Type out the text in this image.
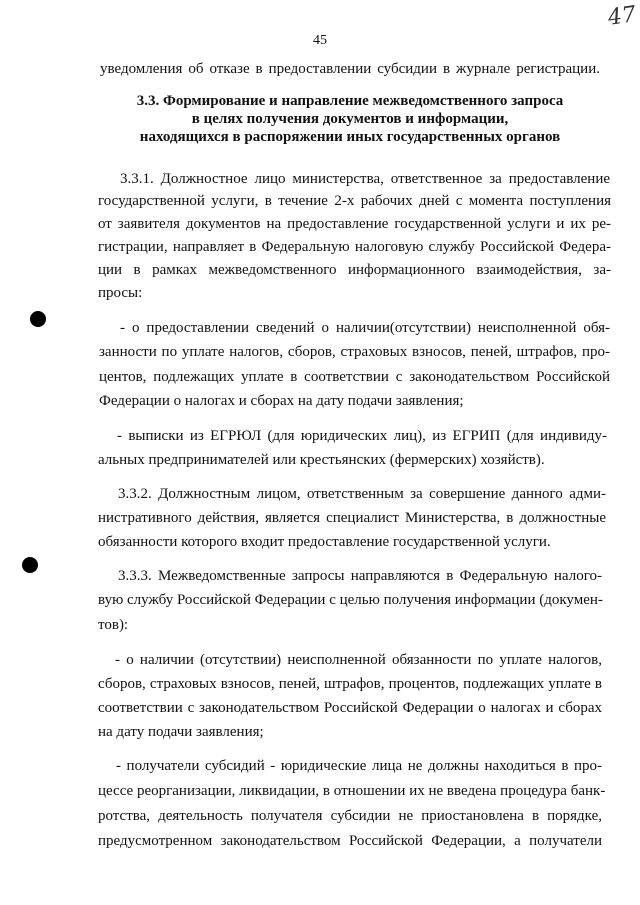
45
47
уведомления об отказе в предоставлении субсидии в журнале регистрации.
3.3. Формирование и направление межведомственного запроса
в целях получения документов и информации,
находящихся в распоряжении иных государственных органов
3.3.1. Должностное лицо министерства, ответственное за предоставление
государственной услуги, в течение 2-х рабочих дней с момента поступления
от заявителя документов на предоставление государственной услуги и их ре-
гистрации, направляет в Федеральную налоговую службу Российской Федера-
ции в рамках межведомственного информационного взаимодействия, за-
просы:
- о предоставлении сведений о наличии(отсутствии) неисполненной обя-
занности по уплате налогов, сборов, страховых взносов, пеней, штрафов, про-
центов, подлежащих уплате в соответствии с законодательством Российской
Федерации о налогах и сборах на дату подачи заявления;
- выписки из ЕГРЮЛ (для юридических лиц), из ЕГРИП (для индивиду-
альных предпринимателей или крестьянских (фермерских) хозяйств).
3.3.2. Должностным лицом, ответственным за совершение данного адми-
нистративного действия, является специалист Министерства, в должностные
обязанности которого входит предоставление государственной услуги.
3.3.3. Межведомственные запросы направляются в Федеральную налого-
вую службу Российской Федерации с целью получения информации (докумен-
тов):
- о наличии (отсутствии) неисполненной обязанности по уплате налогов,
сборов, страховых взносов, пеней, штрафов, процентов, подлежащих уплате в
соответствии с законодательством Российской Федерации о налогах и сборах
на дату подачи заявления;
- получатели субсидий - юридические лица не должны находиться в про-
цессе реорганизации, ликвидации, в отношении их не введена процедура банк-
ротства, деятельность получателя субсидии не приостановлена в порядке,
предусмотренном законодательством Российской Федерации, а получатели
